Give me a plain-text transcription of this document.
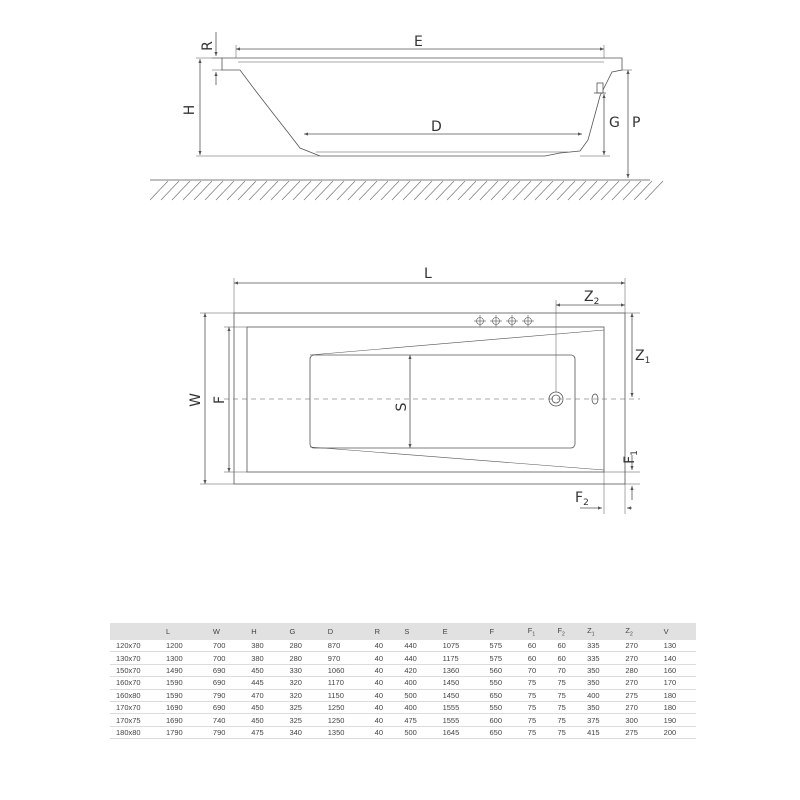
E
R
H
D	G P
L
W F
S
$Z_2$
$Z_1$
$F_1$
$F_2$
	L	W	H	G	D	R	S	E	F	$F_1$	$F_2$	$Z_1$	$Z_2$	V
120x70	1200	700	380	280	870	40	440	1075	575	60	60	335	270	130
130x70	1300	700	380	280	970	40	440	1175	575	60	60	335	270	140
150x70	1490	690	450	330	1060	40	420	1360	560	70	70	350	280	160
160x70	1590	690	445	320	1170	40	400	1450	550	75	75	350	270	170
160x80	1590	790	470	320	1150	40	500	1450	650	75	75	400	275	180
170x70	1690	690	450	325	1250	40	400	1555	550	75	75	350	270	180
170x75	1690	740	450	325	1250	40	475	1555	600	75	75	375	300	190
180x80	1790	790	475	340	1350	40	500	1645	650	75	75	415	275	200
